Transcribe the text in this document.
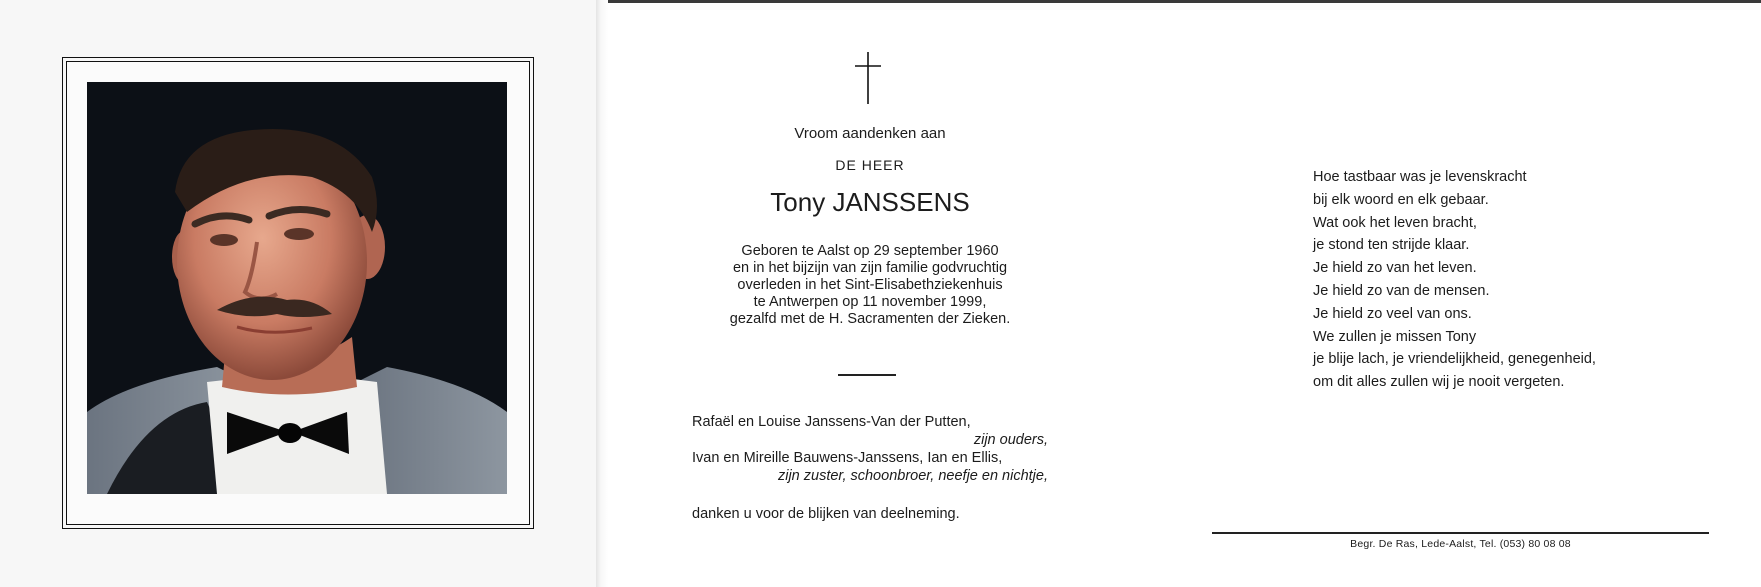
Vroom aandenken aan
DE HEER
Tony JANSSENS
Geboren te Aalst op 29 september 1960
en in het bijzijn van zijn familie godvruchtig
overleden in het Sint-Elisabethziekenhuis
te Antwerpen op 11 november 1999,
gezalfd met de H. Sacramenten der Zieken.
Rafaël en Louise Janssens-Van der Putten,
zijn ouders,
Ivan en Mireille Bauwens-Janssens, Ian en Ellis,
zijn zuster, schoonbroer, neefje en nichtje,
danken u voor de blijken van deelneming.
Hoe tastbaar was je levenskracht
bij elk woord en elk gebaar.
Wat ook het leven bracht,
je stond ten strijde klaar.
Je hield zo van het leven.
Je hield zo van de mensen.
Je hield zo veel van ons.
We zullen je missen Tony
je blije lach, je vriendelijkheid, genegenheid,
om dit alles zullen wij je nooit vergeten.
Begr. De Ras, Lede-Aalst, Tel. (053) 80 08 08
